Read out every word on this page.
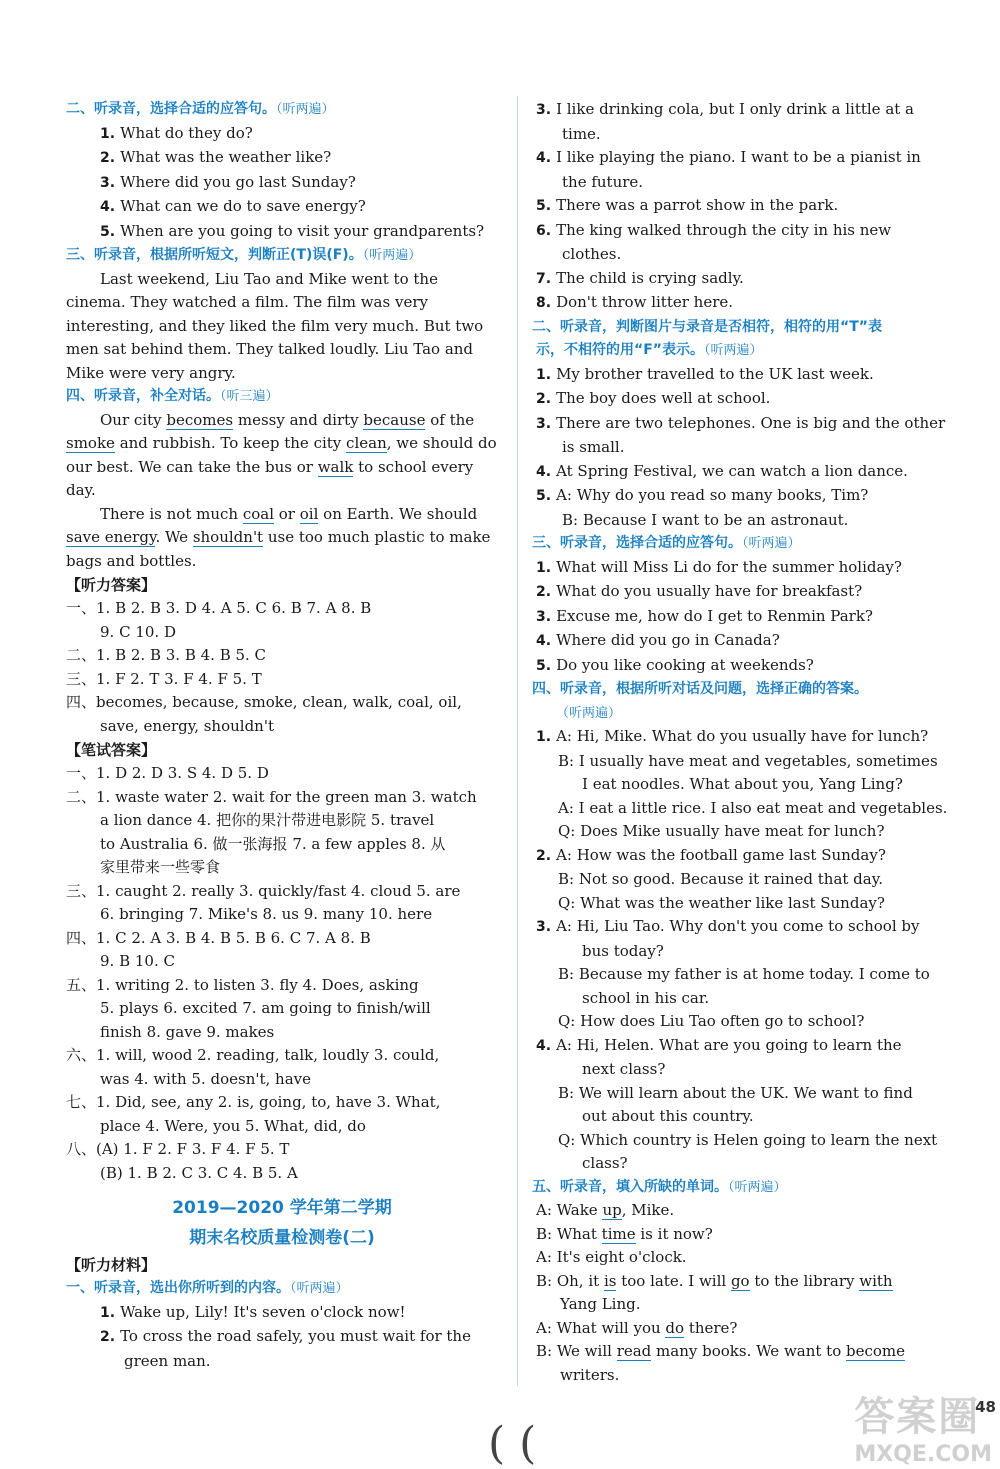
二、听录音，选择合适的应答句。（听两遍）
1. What do they do?
2. What was the weather like?
3. Where did you go last Sunday?
4. What can we do to save energy?
5. When are you going to visit your grandparents?
三、听录音，根据所听短文，判断正(T)误(F)。（听两遍）
Last weekend, Liu Tao and Mike went to the
cinema. They watched a film. The film was very
interesting, and they liked the film very much. But two
men sat behind them. They talked loudly. Liu Tao and
Mike were very angry.
四、听录音，补全对话。（听三遍）
Our city becomes messy and dirty because of the
smoke and rubbish. To keep the city clean, we should do
our best. We can take the bus or walk to school every
day.
There is not much coal or oil on Earth. We should
save energy. We shouldn't use too much plastic to make
bags and bottles.
【听力答案】
一、1. B 2. B 3. D 4. A 5. C 6. B 7. A 8. B
9. C 10. D
二、1. B 2. B 3. B 4. B 5. C
三、1. F 2. T 3. F 4. F 5. T
四、becomes, because, smoke, clean, walk, coal, oil,
save, energy, shouldn't
【笔试答案】
一、1. D 2. D 3. S 4. D 5. D
二、1. waste water 2. wait for the green man 3. watch
a lion dance 4. 把你的果汁带进电影院 5. travel
to Australia 6. 做一张海报 7. a few apples 8. 从
家里带来一些零食
三、1. caught 2. really 3. quickly/fast 4. cloud 5. are
6. bringing 7. Mike's 8. us 9. many 10. here
四、1. C 2. A 3. B 4. B 5. B 6. C 7. A 8. B
9. B 10. C
五、1. writing 2. to listen 3. fly 4. Does, asking
5. plays 6. excited 7. am going to finish/will
finish 8. gave 9. makes
六、1. will, wood 2. reading, talk, loudly 3. could,
was 4. with 5. doesn't, have
七、1. Did, see, any 2. is, going, to, have 3. What,
place 4. Were, you 5. What, did, do
八、(A) 1. F 2. F 3. F 4. F 5. T
(B) 1. B 2. C 3. C 4. B 5. A
2019—2020 学年第二学期
期末名校质量检测卷(二)
【听力材料】
一、听录音，选出你所听到的内容。（听两遍）
1. Wake up, Lily! It's seven o'clock now!
2. To cross the road safely, you must wait for the
green man.
3. I like drinking cola, but I only drink a little at a
time.
4. I like playing the piano. I want to be a pianist in
the future.
5. There was a parrot show in the park.
6. The king walked through the city in his new
clothes.
7. The child is crying sadly.
8. Don't throw litter here.
二、听录音，判断图片与录音是否相符，相符的用“T”表
示，不相符的用“F”表示。（听两遍）
1. My brother travelled to the UK last week.
2. The boy does well at school.
3. There are two telephones. One is big and the other
is small.
4. At Spring Festival, we can watch a lion dance.
5. A: Why do you read so many books, Tim?
B: Because I want to be an astronaut.
三、听录音，选择合适的应答句。（听两遍）
1. What will Miss Li do for the summer holiday?
2. What do you usually have for breakfast?
3. Excuse me, how do I get to Renmin Park?
4. Where did you go in Canada?
5. Do you like cooking at weekends?
四、听录音，根据所听对话及问题，选择正确的答案。
（听两遍）
1. A: Hi, Mike. What do you usually have for lunch?
B: I usually have meat and vegetables, sometimes
I eat noodles. What about you, Yang Ling?
A: I eat a little rice. I also eat meat and vegetables.
Q: Does Mike usually have meat for lunch?
2. A: How was the football game last Sunday?
B: Not so good. Because it rained that day.
Q: What was the weather like last Sunday?
3. A: Hi, Liu Tao. Why don't you come to school by
bus today?
B: Because my father is at home today. I come to
school in his car.
Q: How does Liu Tao often go to school?
4. A: Hi, Helen. What are you going to learn the
next class?
B: We will learn about the UK. We want to find
out about this country.
Q: Which country is Helen going to learn the next
class?
五、听录音，填入所缺的单词。（听两遍）
A: Wake up, Mike.
B: What time is it now?
A: It's eight o'clock.
B: Oh, it is too late. I will go to the library with
Yang Ling.
A: What will you do there?
B: We will read many books. We want to become
writers.
答案圈
MXQE.COM
48
( (
